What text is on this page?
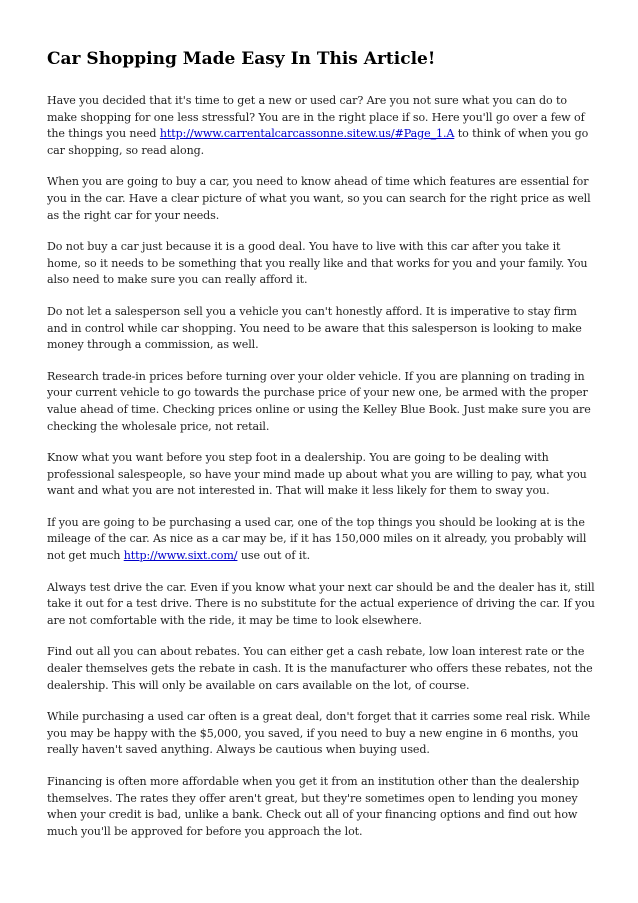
Car Shopping Made Easy In This Article!

Have you decided that it's time to get a new or used car? Are you not sure what you can do to make shopping for one less stressful? You are in the right place if so. Here you'll go over a few of the things you need http://www.carrentalcarcassonne.sitew.us/#Page_1.A to think of when you go car shopping, so read along.

When you are going to buy a car, you need to know ahead of time which features are essential for you in the car. Have a clear picture of what you want, so you can search for the right price as well as the right car for your needs.

Do not buy a car just because it is a good deal. You have to live with this car after you take it home, so it needs to be something that you really like and that works for you and your family. You also need to make sure you can really afford it.

Do not let a salesperson sell you a vehicle you can't honestly afford. It is imperative to stay firm and in control while car shopping. You need to be aware that this salesperson is looking to make money through a commission, as well.

Research trade-in prices before turning over your older vehicle. If you are planning on trading in your current vehicle to go towards the purchase price of your new one, be armed with the proper value ahead of time. Checking prices online or using the Kelley Blue Book. Just make sure you are checking the wholesale price, not retail.

Know what you want before you step foot in a dealership. You are going to be dealing with professional salespeople, so have your mind made up about what you are willing to pay, what you want and what you are not interested in. That will make it less likely for them to sway you.

If you are going to be purchasing a used car, one of the top things you should be looking at is the mileage of the car. As nice as a car may be, if it has 150,000 miles on it already, you probably will not get much http://www.sixt.com/ use out of it.

Always test drive the car. Even if you know what your next car should be and the dealer has it, still take it out for a test drive. There is no substitute for the actual experience of driving the car. If you are not comfortable with the ride, it may be time to look elsewhere.

Find out all you can about rebates. You can either get a cash rebate, low loan interest rate or the dealer themselves gets the rebate in cash. It is the manufacturer who offers these rebates, not the dealership. This will only be available on cars available on the lot, of course.

While purchasing a used car often is a great deal, don't forget that it carries some real risk. While you may be happy with the $5,000, you saved, if you need to buy a new engine in 6 months, you really haven't saved anything. Always be cautious when buying used.

Financing is often more affordable when you get it from an institution other than the dealership themselves. The rates they offer aren't great, but they're sometimes open to lending you money when your credit is bad, unlike a bank. Check out all of your financing options and find out how much you'll be approved for before you approach the lot.
